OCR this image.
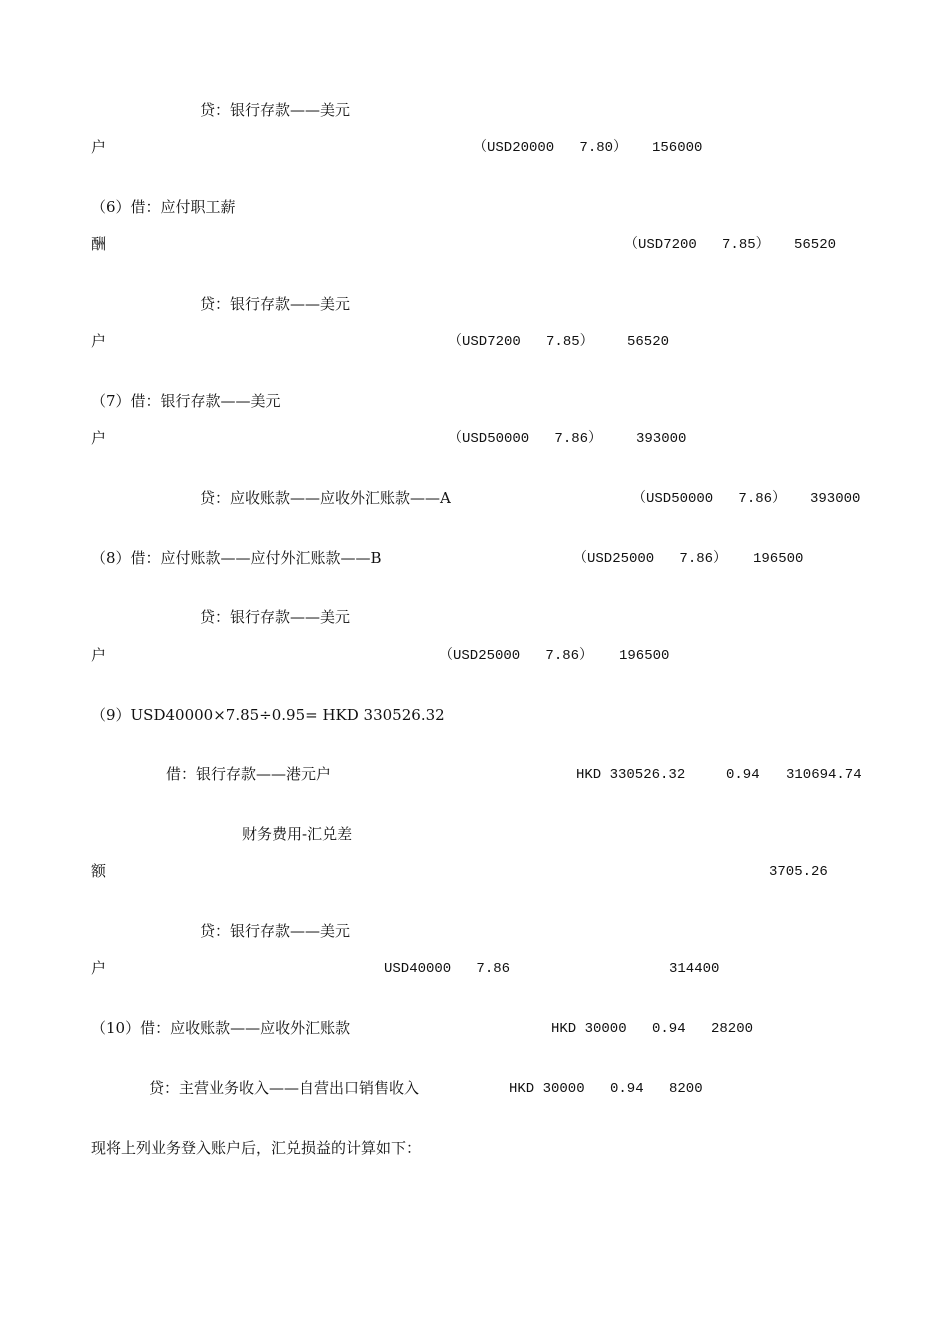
贷：银行存款——美元
户	（USD20000   7.80） 156000
（6）借：应付职工薪
酬	（USD7200   7.85） 56520
贷：银行存款——美元
户	（USD7200   7.85） 56520
（7）借：银行存款——美元
户	（USD50000   7.86） 393000
贷：应收账款——应收外汇账款——A	（USD50000   7.86） 393000
（8）借：应付账款——应付外汇账款——B	（USD25000   7.86） 196500
贷：银行存款——美元
户	（USD25000   7.86） 196500
（9）USD40000×7.85÷0.95= HKD 330526.32
借：银行存款——港元户	HKD 330526.32	0.94 310694.74
财务费用-汇兑差
额	3705.26
贷：银行存款——美元
户	USD40000   7.86	314400
（10）借：应收账款——应收外汇账款	HKD 30000 0.94 28200
贷：主营业务收入——自营出口销售收入	HKD 30000 0.94 8200
现将上列业务登入账户后，汇兑损益的计算如下：
